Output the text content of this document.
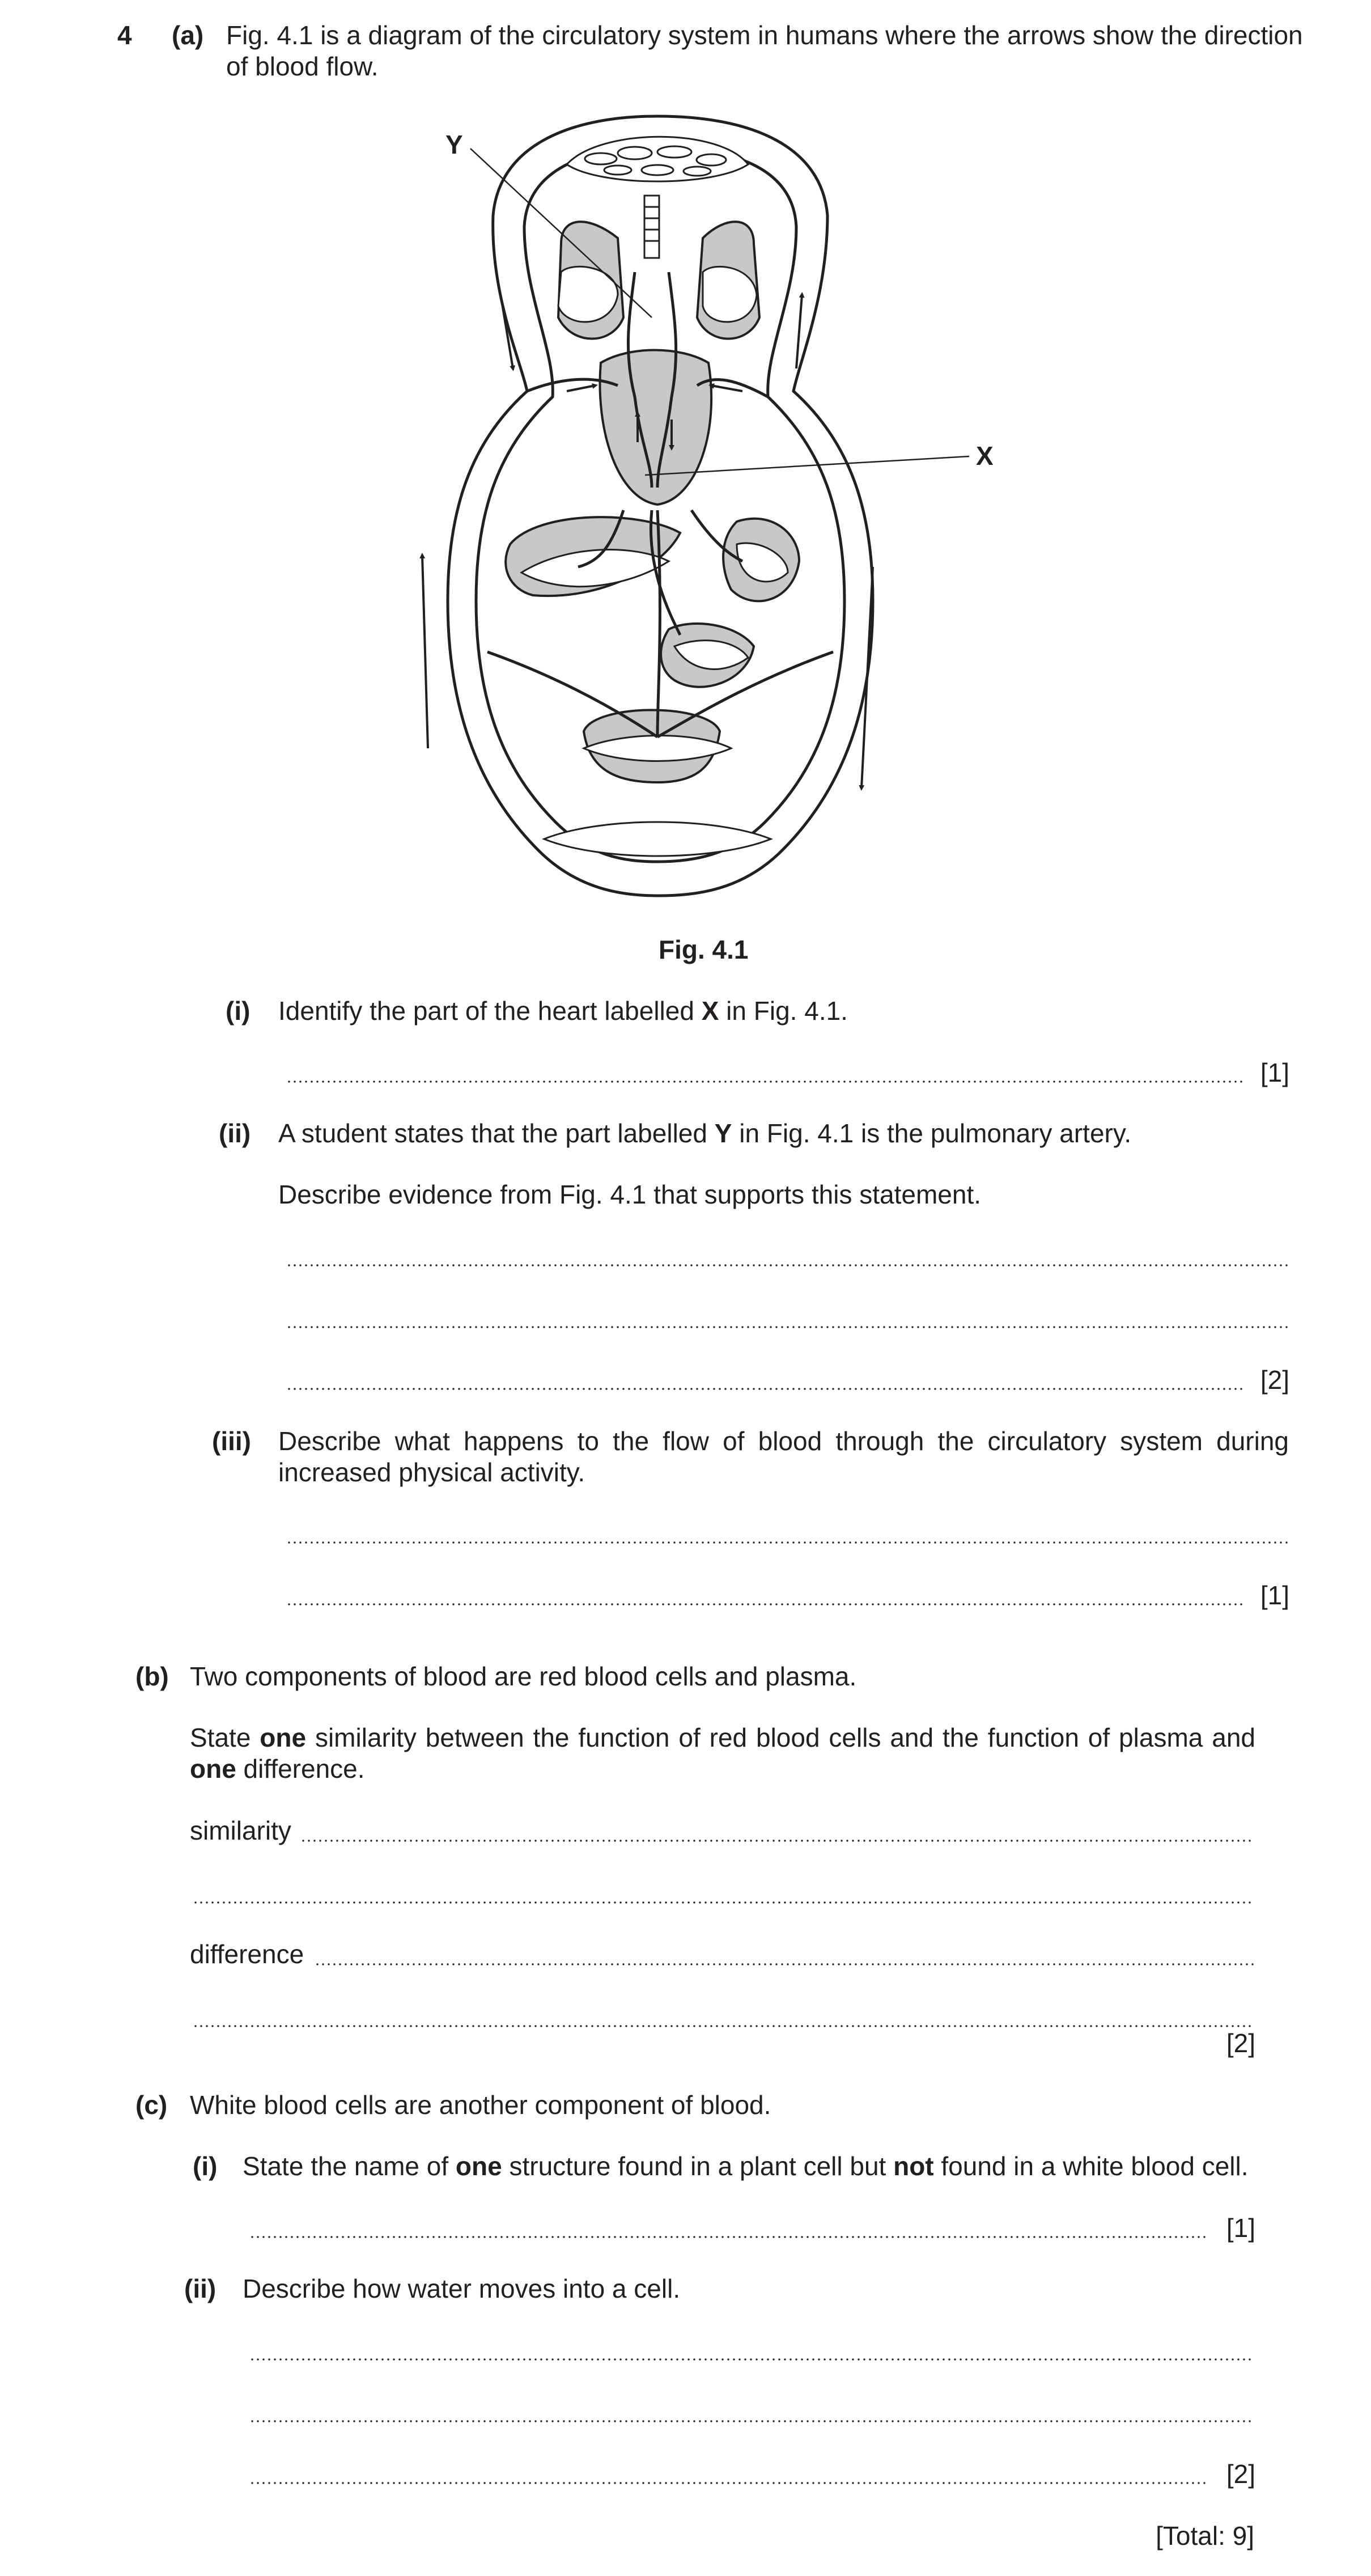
4 (a) Fig. 4.1 is a diagram of the circulatory system in humans where the arrows show the direction of blood flow.
Y
X
Fig. 4.1
(i) Identify the part of the heart labelled X in Fig. 4.1.
[1]
(ii) A student states that the part labelled Y in Fig. 4.1 is the pulmonary artery.
Describe evidence from Fig. 4.1 that supports this statement.
[2]
(iii) Describe what happens to the flow of blood through the circulatory system during increased physical activity.
[1]
(b) Two components of blood are red blood cells and plasma.
State one similarity between the function of red blood cells and the function of plasma and one difference.
similarity
difference
[2]
(c) White blood cells are another component of blood.
(i) State the name of one structure found in a plant cell but not found in a white blood cell.
[1]
(ii) Describe how water moves into a cell.
[2]
[Total: 9]
